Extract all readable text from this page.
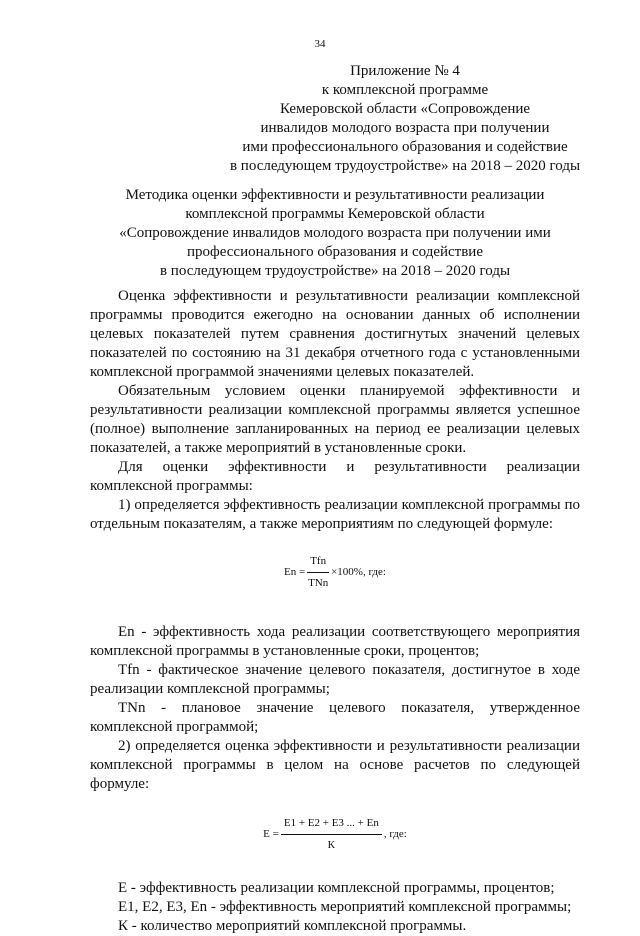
34
Приложение № 4
к комплексной программе
Кемеровской области «Сопровождение
инвалидов молодого возраста при получении
ими профессионального образования и содействие
в последующем трудоустройстве» на 2018 – 2020 годы
Методика оценки эффективности и результативности реализации
комплексной программы Кемеровской области
«Сопровождение инвалидов молодого возраста при получении ими
профессионального образования и содействие
в последующем трудоустройстве» на 2018 – 2020 годы

Оценка эффективности и результативности реализации комплексной программы проводится ежегодно на основании данных об исполнении целевых показателей путем сравнения достигнутых значений целевых показателей по состоянию на 31 декабря отчетного года с установленными комплексной программой значениями целевых показателей.

Обязательным условием оценки планируемой эффективности и результативности реализации комплексной программы является успешное (полное) выполнение запланированных на период ее реализации целевых показателей, а также мероприятий в установленные сроки.

Для оценки эффективности и результативности реализации комплексной программы:

1) определяется эффективность реализации комплексной программы по отдельным показателям, а также мероприятиям по следующей формуле:

$En = \frac{\text{Tfn}}{\text{TNn}} \times 100\%$, где:

En - эффективность хода реализации соответствующего мероприятия комплексной программы в установленные сроки, процентов;

Tfn - фактическое значение целевого показателя, достигнутое в ходе реализации комплексной программы;

TNn - плановое значение целевого показателя, утвержденное комплексной программой;

2) определяется оценка эффективности и результативности реализации комплексной программы в целом на основе расчетов по следующей формуле:

$E = \frac{E1 + E2 + E3 ... + En}{К}$ , где:

Е - эффективность реализации комплексной программы, процентов;

Е1, Е2, Е3, Еn - эффективность мероприятий комплексной программы;

К - количество мероприятий комплексной программы.
